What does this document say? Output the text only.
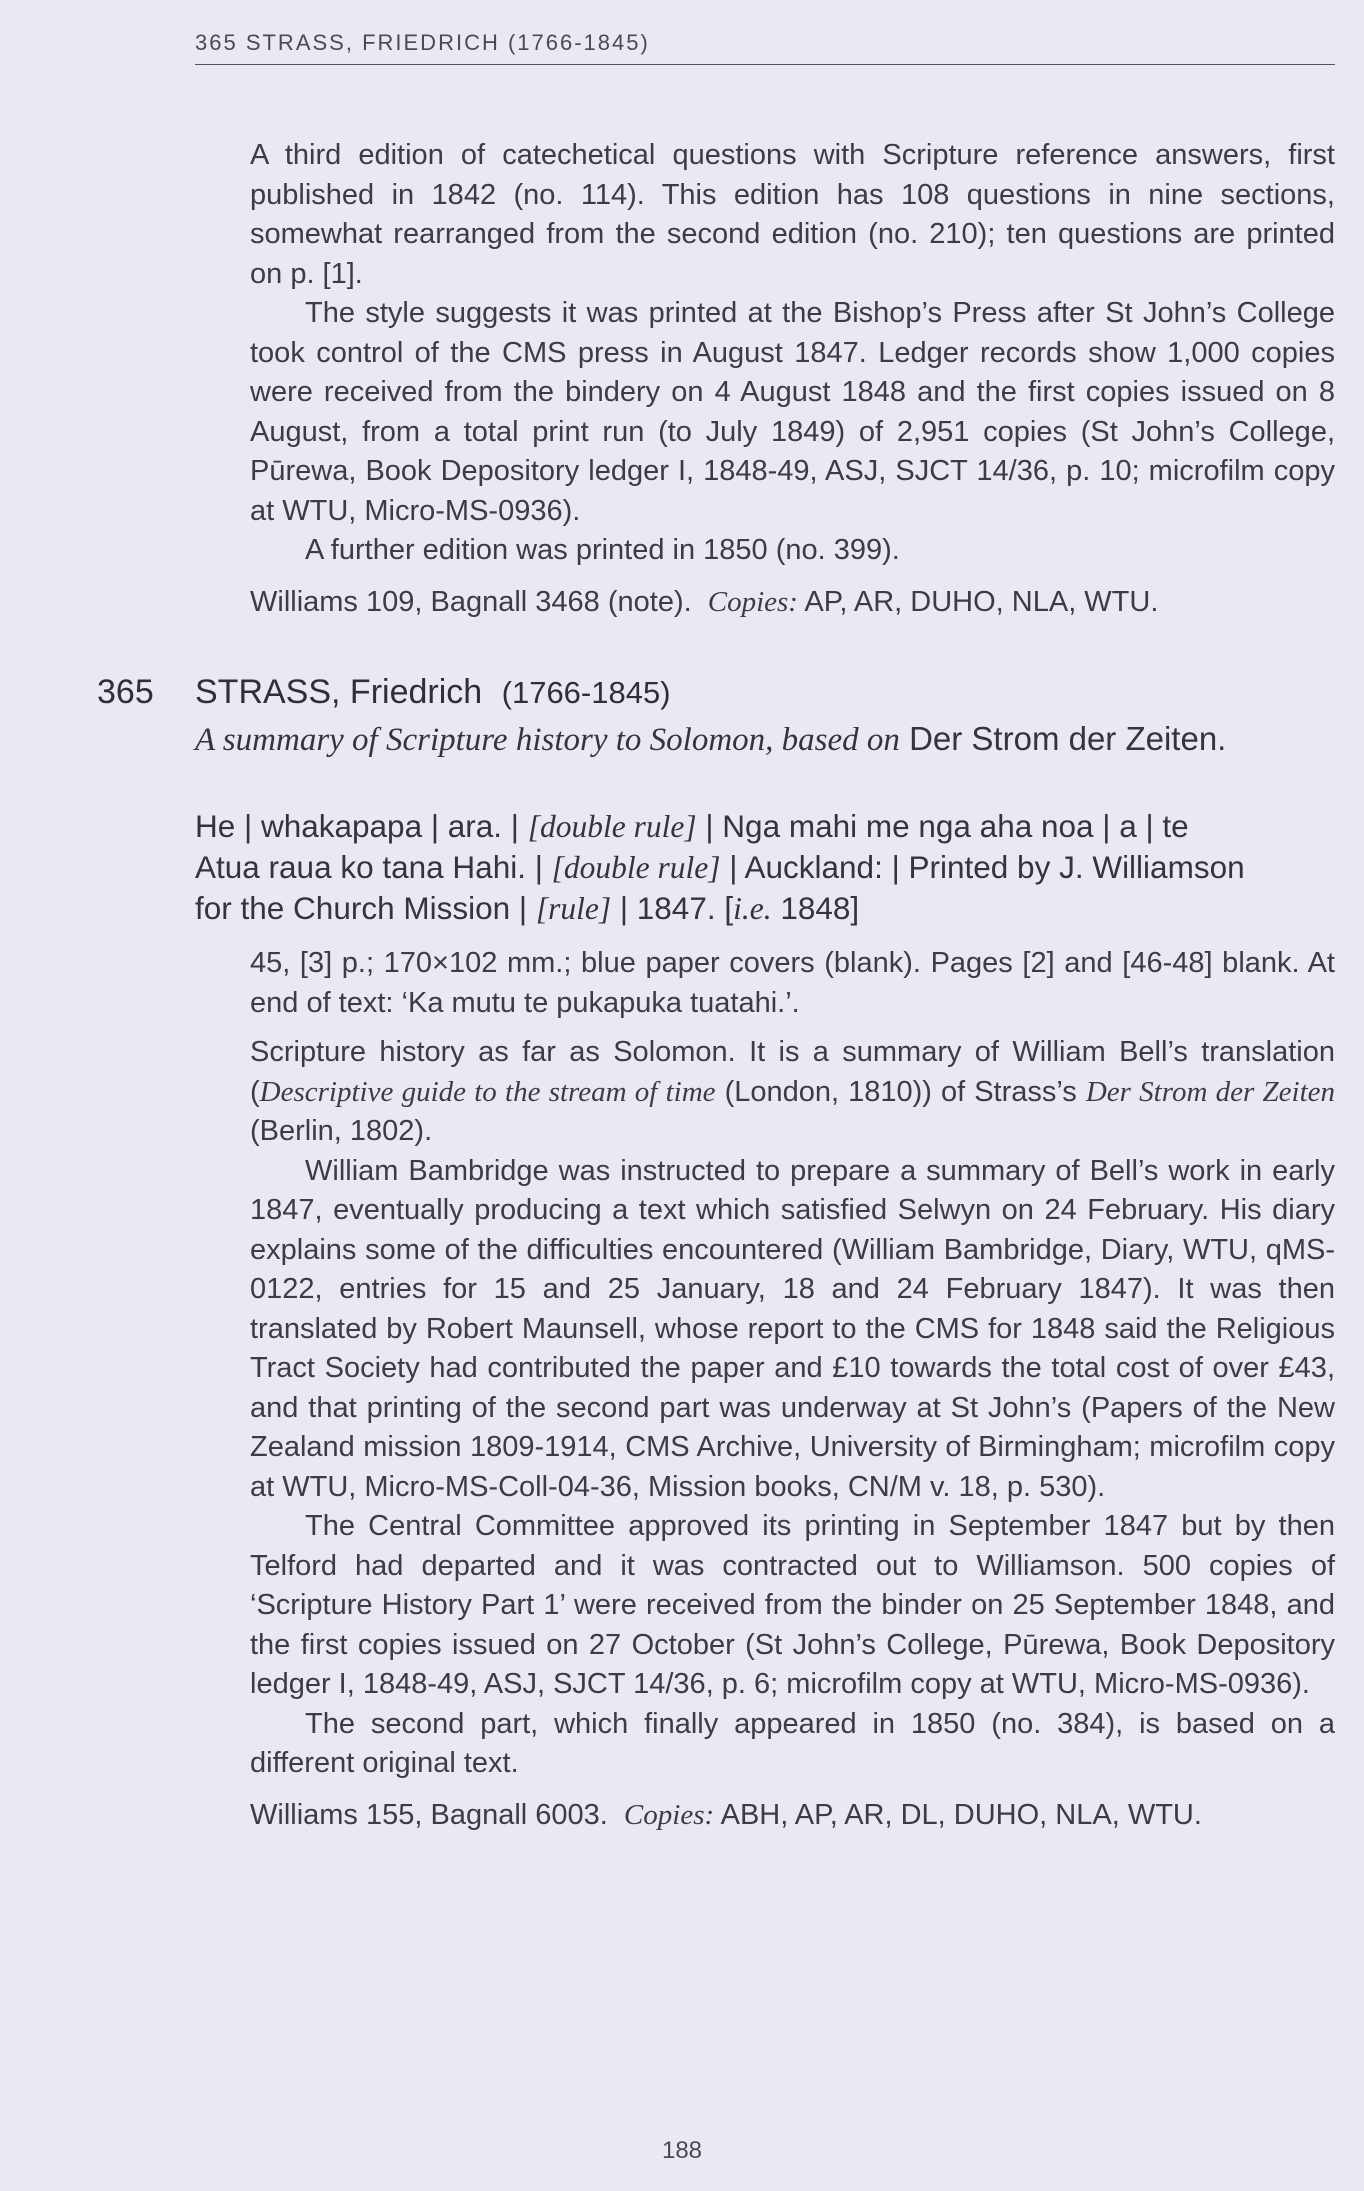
365 STRASS, FRIEDRICH (1766-1845)

A third edition of catechetical questions with Scripture reference answers, first published in 1842 (no. 114). This edition has 108 questions in nine sections, somewhat rearranged from the second edition (no. 210); ten questions are printed on p. [1].

The style suggests it was printed at the Bishop’s Press after St John’s College took control of the CMS press in August 1847. Ledger records show 1,000 copies were received from the bindery on 4 August 1848 and the first copies issued on 8 August, from a total print run (to July 1849) of 2,951 copies (St John’s College, Pūrewa, Book Depository ledger I, 1848-49, ASJ, SJCT 14/36, p. 10; microfilm copy at WTU, Micro-MS-0936).

A further edition was printed in 1850 (no. 399).

Williams 109, Bagnall 3468 (note). Copies: AP, AR, DUHO, NLA, WTU.

365 STRASS, Friedrich (1766-1845)
A summary of Scripture history to Solomon, based on Der Strom der Zeiten.
He | whakapapa | ara. | [double rule] | Nga mahi me nga aha noa | a | te Atua raua ko tana Hahi. | [double rule] | Auckland: | Printed by J. Williamson for the Church Mission | [rule] | 1847. [i.e. 1848]

45, [3] p.; 170×102 mm.; blue paper covers (blank). Pages [2] and [46-48] blank. At end of text: ‘Ka mutu te pukapuka tuatahi.’.

Scripture history as far as Solomon. It is a summary of William Bell’s translation (Descriptive guide to the stream of time (London, 1810)) of Strass’s Der Strom der Zeiten (Berlin, 1802).

William Bambridge was instructed to prepare a summary of Bell’s work in early 1847, eventually producing a text which satisfied Selwyn on 24 February. His diary explains some of the difficulties encountered (William Bambridge, Diary, WTU, qMS-0122, entries for 15 and 25 January, 18 and 24 February 1847). It was then translated by Robert Maunsell, whose report to the CMS for 1848 said the Religious Tract Society had contributed the paper and £10 towards the total cost of over £43, and that printing of the second part was underway at St John’s (Papers of the New Zealand mission 1809-1914, CMS Archive, University of Birmingham; microfilm copy at WTU, Micro-MS-Coll-04-36, Mission books, CN/M v. 18, p. 530).

The Central Committee approved its printing in September 1847 but by then Telford had departed and it was contracted out to Williamson. 500 copies of ‘Scripture History Part 1’ were received from the binder on 25 September 1848, and the first copies issued on 27 October (St John’s College, Pūrewa, Book Depository ledger I, 1848-49, ASJ, SJCT 14/36, p. 6; microfilm copy at WTU, Micro-MS-0936).

The second part, which finally appeared in 1850 (no. 384), is based on a different original text.

Williams 155, Bagnall 6003. Copies: ABH, AP, AR, DL, DUHO, NLA, WTU.

188
